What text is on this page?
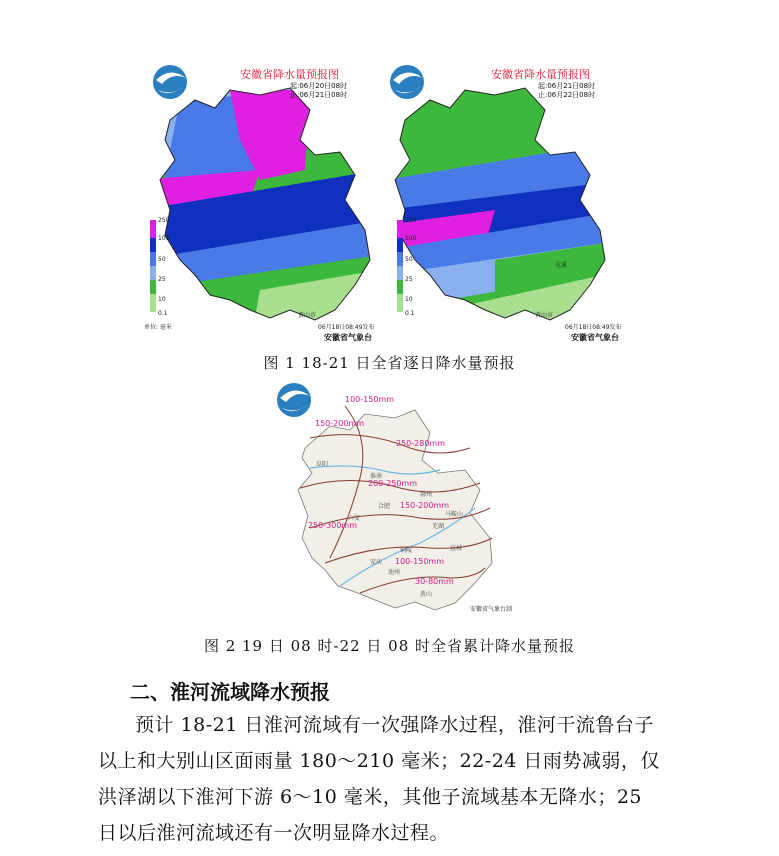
安徽省降水量预报图
起:06月20日08时
止:06月21日08时
250
100
50
25
10
0.1
单位: 毫米
黄山市
06月18日08:49发布
安徽省气象台
安徽省降水量预报图
起:06月21日08时
止:06月22日08时
250
100
50
25
10
0.1	黄山市
屯溪
06月18日08:49发布
安徽省气象台
图 1 18-21 日全省逐日降水量预报
100-150mm
150-200mm
250-280mm
200-250mm
150-200mm
250-300mm
100-150mm
30-80mm
阜阳
淮南
合肥
六安
滁州
安庆
铜陵
池州
黄山
宣城
芜湖
马鞍山
安徽省气象台制
图 2 19 日 08 时-22 日 08 时全省累计降水量预报
二、淮河流域降水预报
预计 18-21 日淮河流域有一次强降水过程，淮河干流鲁台子
以上和大别山区面雨量 180～210 毫米；22-24 日雨势减弱，仅
洪泽湖以下淮河下游 6～10 毫米，其他子流域基本无降水；25
日以后淮河流域还有一次明显降水过程。
